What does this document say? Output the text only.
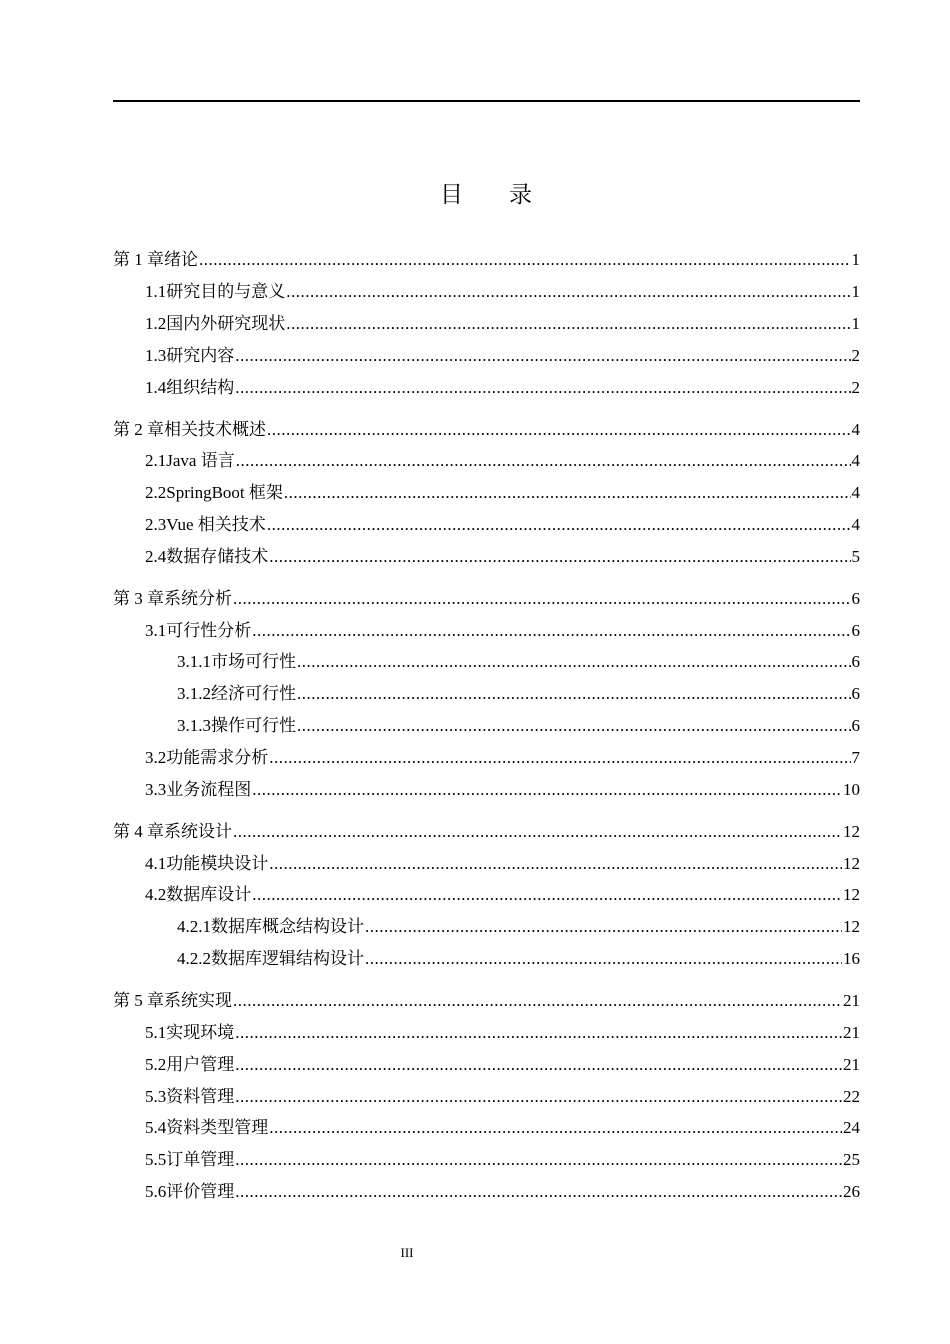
目 录
第 1 章 绪论 .....	1
1.1 研究目的与意义 .....	1
1.2 国内外研究现状 .....	1
1.3 研究内容 .....	2
1.4 组织结构 .....	2
第 2 章 相关技术概述 .....	4
2.1 Java 语言 .....	4
2.2 SpringBoot 框架 .....	4
2.3 Vue 相关技术 .....	4
2.4 数据存储技术 .....	5
第 3 章 系统分析 .....	6
3.1 可行性分析 .....	6
3.1.1 市场可行性 .....	6
3.1.2 经济可行性 .....	6
3.1.3 操作可行性 .....	6
3.2 功能需求分析 .....	7
3.3 业务流程图 .....	10
第 4 章 系统设计 .....	12
4.1 功能模块设计 .....	12
4.2 数据库设计 .....	12
4.2.1 数据库概念结构设计 .....	12
4.2.2 数据库逻辑结构设计 .....	16
第 5 章 系统实现 .....	21
5.1 实现环境 .....	21
5.2 用户管理 .....	21
5.3 资料管理 .....	22
5.4 资料类型管理 .....	24
5.5 订单管理 .....	25
5.6 评价管理 .....	26
III
